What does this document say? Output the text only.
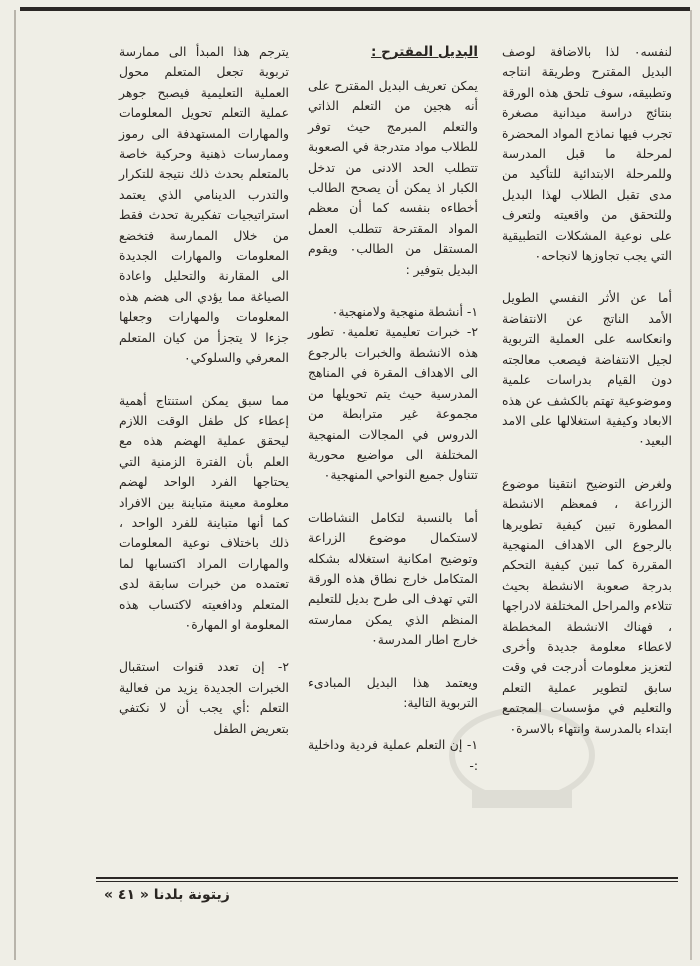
لنفسه٠ لذا بالاضافة لوصف البديل المقترح وطريقة انتاجه وتطبيقه، سوف تلحق هذه الورقة بنتائج دراسة ميدانية مصغرة تجرب فيها نماذج المواد المحضرة لمرحلة ما قبل المدرسة وللمرحلة الابتدائية للتأكيد من مدى تقبل الطلاب لهذا البديل وللتحقق من واقعيته ولتعرف على نوعية المشكلات التطبيقية التي يجب تجاوزها لانجاحه٠

أما عن الأثر النفسي الطويل الأمد الناتج عن الانتفاضة وانعكاسه على العملية التربوية لجيل الانتفاضة فيصعب معالجته دون القيام بدراسات علمية وموضوعية تهتم بالكشف عن هذه الابعاد وكيفية استغلالها على الامد البعيد٠

ولغرض التوضيح انتقينا موضوع الزراعة ، فمعظم الانشطة المطورة تبين كيفية تطويرها بالرجوع الى الاهداف المنهجية المقررة كما تبين كيفية التحكم بدرجة صعوبة الانشطة بحيث تتلاءم والمراحل المختلفة لادراجها ، فهناك الانشطة المخططة لاعطاء معلومة جديدة وأخرى لتعزيز معلومات أدرجت في وقت سابق لتطوير عملية التعلم والتعليم في مؤسسات المجتمع ابتداء بالمدرسة وانتهاء بالاسرة٠

البديل المقترح :

يمكن تعريف البديل المقترح على أنه هجين من التعلم الذاتي والتعلم المبرمج حيث توفر للطلاب مواد متدرجة في الصعوبة تتطلب الحد الادنى من تدخل الكبار اذ يمكن أن يصحح الطالب أخطاءه بنفسه كما أن معظم المواد المقترحة تتطلب العمل المستقل من الطالب٠ ويقوم البديل بتوفير :

١- أنشطة منهجية ولامنهجية٠

٢- خبرات تعليمية تعلمية٠ تطور هذه الانشطة والخبرات بالرجوع الى الاهداف المقرة في المناهج المدرسية حيث يتم تحويلها من مجموعة غير مترابطة من الدروس في المجالات المنهجية المختلفة الى مواضيع محورية تتناول جميع النواحي المنهجية٠

أما بالنسبة لتكامل النشاطات لاستكمال موضوع الزراعة وتوضيح امكانية استغلاله بشكله المتكامل خارج نطاق هذه الورقة التي تهدف الى طرح بديل للتعليم المنظم الذي يمكن ممارسته خارج اطار المدرسة٠

ويعتمد هذا البديل المبادىء التربوية التالية:

١- إن التعلم عملية فردية وداخلية :-

يترجم هذا المبدأ الى ممارسة تربوية تجعل المتعلم محول العملية التعليمية فيصبح جوهر عملية التعلم تحويل المعلومات والمهارات المستهدفة الى رموز وممارسات ذهنية وحركية خاصة بالمتعلم بحدث ذلك نتيجة للتكرار والتدرب الدينامي الذي يعتمد استراتيجيات تفكيرية تحدث فقط من خلال الممارسة فتخضع المعلومات والمهارات الجديدة الى المقارنة والتحليل واعادة الصياغة مما يؤدي الى هضم هذه المعلومات والمهارات وجعلها جزءا لا يتجزأ من كيان المتعلم المعرفي والسلوكي٠

مما سبق يمكن استنتاج أهمية إعطاء كل طفل الوقت اللازم ليحقق عملية الهضم هذه مع العلم بأن الفترة الزمنية التي يحتاجها الفرد الواحد لهضم معلومة معينة متباينة بين الافراد كما أنها متباينة للفرد الواحد ، ذلك باختلاف نوعية المعلومات والمهارات المراد اكتسابها لما تعتمده من خبرات سابقة لدى المتعلم ودافعيته لاكتساب هذه المعلومة او المهارة٠

٢- إن تعدد قنوات استقبال الخبرات الجديدة يزيد من فعالية التعلم :أي يجب أن لا نكتفي بتعريض الطفل

زيتونة بلدنا « ٤١ »
